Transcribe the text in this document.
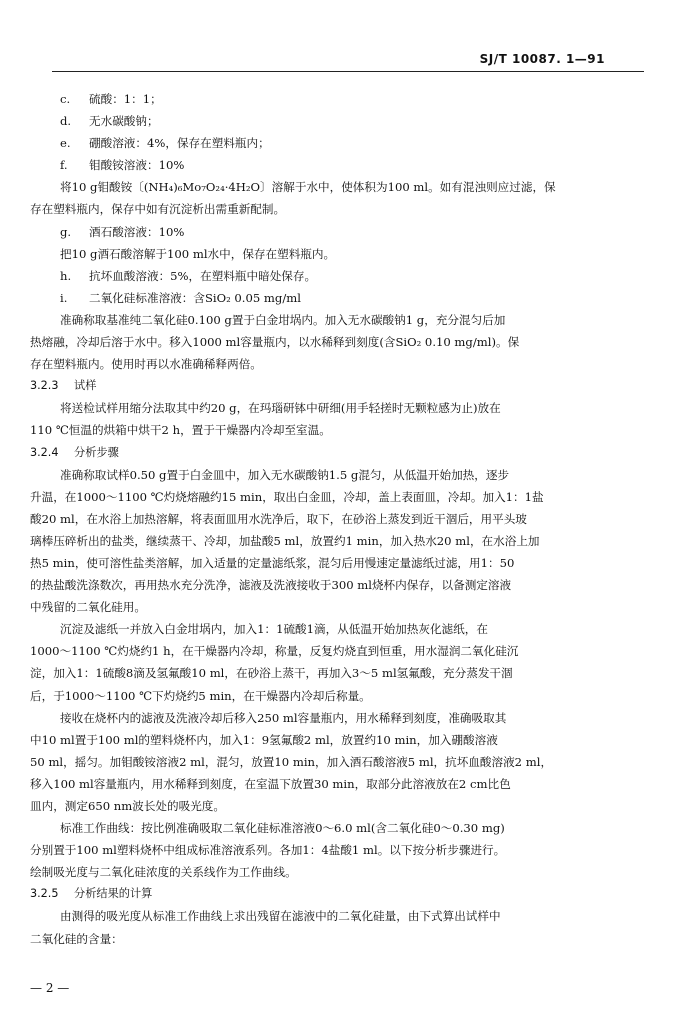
SJ/T 10087. 1—91
c. 硫酸：1：1；
d. 无水碳酸钠；
e. 硼酸溶液：4%，保存在塑料瓶内；
f. 钼酸铵溶液：10%
将10 g钼酸铵〔(NH₄)₆Mo₇O₂₄·4H₂O〕溶解于水中，使体积为100 ml。如有混浊则应过滤，保
存在塑料瓶内，保存中如有沉淀析出需重新配制。
g. 酒石酸溶液：10%
把10 g酒石酸溶解于100 ml水中，保存在塑料瓶内。
h. 抗坏血酸溶液：5%，在塑料瓶中暗处保存。
i. 二氧化硅标准溶液：含SiO₂ 0.05 mg/ml
准确称取基准纯二氧化硅0.100 g置于白金坩埚内。加入无水碳酸钠1 g，充分混匀后加
热熔融，冷却后溶于水中。移入1000 ml容量瓶内，以水稀释到刻度(含SiO₂ 0.10 mg/ml)。保
存在塑料瓶内。使用时再以水准确稀释两倍。
3.2.3 试样
将送检试样用缩分法取其中约20 g，在玛瑙研钵中研细(用手轻搓时无颗粒感为止)放在
110 ℃恒温的烘箱中烘干2 h，置于干燥器内冷却至室温。
3.2.4 分析步骤
准确称取试样0.50 g置于白金皿中，加入无水碳酸钠1.5 g混匀，从低温开始加热，逐步
升温，在1000～1100 ℃灼烧熔融约15 min，取出白金皿，冷却，盖上表面皿，冷却。加入1：1盐
酸20 ml，在水浴上加热溶解，将表面皿用水洗净后，取下，在砂浴上蒸发到近干涸后，用平头玻
璃棒压碎析出的盐类，继续蒸干、冷却，加盐酸5 ml，放置约1 min，加入热水20 ml，在水浴上加
热5 min，使可溶性盐类溶解，加入适量的定量滤纸浆，混匀后用慢速定量滤纸过滤，用1：50
的热盐酸洗涤数次，再用热水充分洗净，滤液及洗液接收于300 ml烧杯内保存，以备测定溶液
中残留的二氧化硅用。
沉淀及滤纸一并放入白金坩埚内，加入1：1硫酸1滴，从低温开始加热灰化滤纸，在
1000～1100 ℃灼烧约1 h，在干燥器内冷却，称量，反复灼烧直到恒重，用水湿润二氧化硅沉
淀，加入1：1硫酸8滴及氢氟酸10 ml，在砂浴上蒸干，再加入3～5 ml氢氟酸，充分蒸发干涸
后，于1000～1100 ℃下灼烧约5 min，在干燥器内冷却后称量。
接收在烧杯内的滤液及洗液冷却后移入250 ml容量瓶内，用水稀释到刻度，准确吸取其
中10 ml置于100 ml的塑料烧杯内，加入1：9氢氟酸2 ml，放置约10 min，加入硼酸溶液
50 ml，摇匀。加钼酸铵溶液2 ml，混匀，放置10 min，加入酒石酸溶液5 ml，抗坏血酸溶液2 ml，
移入100 ml容量瓶内，用水稀释到刻度，在室温下放置30 min，取部分此溶液放在2 cm比色
皿内，测定650 nm波长处的吸光度。
标准工作曲线：按比例准确吸取二氧化硅标准溶液0～6.0 ml(含二氧化硅0～0.30 mg)
分别置于100 ml塑料烧杯中组成标准溶液系列。各加1：4盐酸1 ml。以下按分析步骤进行。
绘制吸光度与二氧化硅浓度的关系线作为工作曲线。
3.2.5 分析结果的计算
由测得的吸光度从标准工作曲线上求出残留在滤液中的二氧化硅量，由下式算出试样中
二氧化硅的含量：
— 2 —
